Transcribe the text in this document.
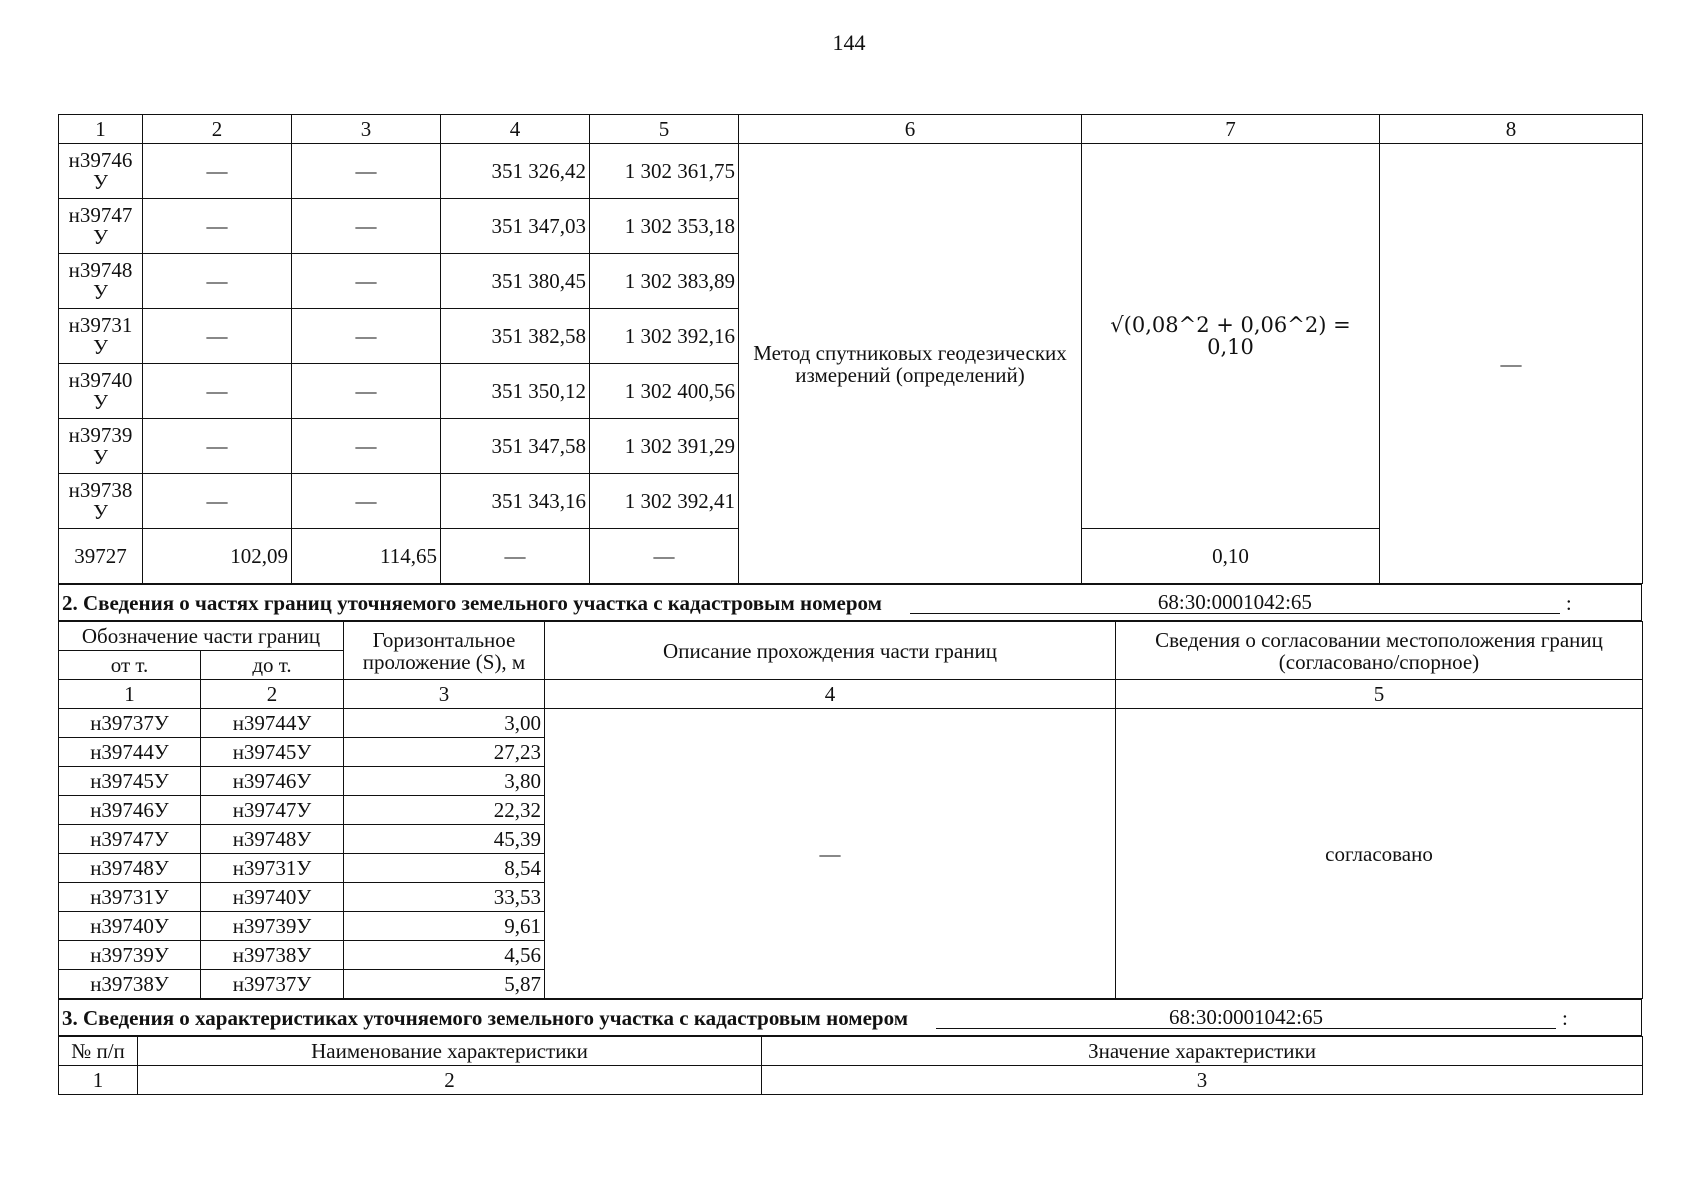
144
1	2	3	4	5	6	7	8
н39746 У	—	—	351 326,42	1 302 361,75	Метод спутниковых геодезических измерений (определений)	√(0,08^2 + 0,06^2) = 0,10	—
н39747 У	—	—	351 347,03	1 302 353,18			
н39748 У	—	—	351 380,45	1 302 383,89			
н39731 У	—	—	351 382,58	1 302 392,16			
н39740 У	—	—	351 350,12	1 302 400,56			
н39739 У	—	—	351 347,58	1 302 391,29			
н39738 У	—	—	351 343,16	1 302 392,41			
39727	102,09	114,65	—	—		0,10	
2. Сведения о частях границ уточняемого земельного участка с кадастровым номером	68:30:0001042:65	:
Обозначение части границ		Горизонтальное проложение (S), м	Описание прохождения части границ	Сведения о согласовании местоположения границ (согласовано/спорное)
от т.	до т.			
1	2	3	4	5
н39737У	н39744У	3,00	—	согласовано
н39744У	н39745У	27,23		
н39745У	н39746У	3,80		
н39746У	н39747У	22,32		
н39747У	н39748У	45,39		
н39748У	н39731У	8,54		
н39731У	н39740У	33,53		
н39740У	н39739У	9,61		
н39739У	н39738У	4,56		
н39738У	н39737У	5,87		
3. Сведения о характеристиках уточняемого земельного участка с кадастровым номером	68:30:0001042:65	:
№ п/п	Наименование характеристики	Значение характеристики
1	2	3
